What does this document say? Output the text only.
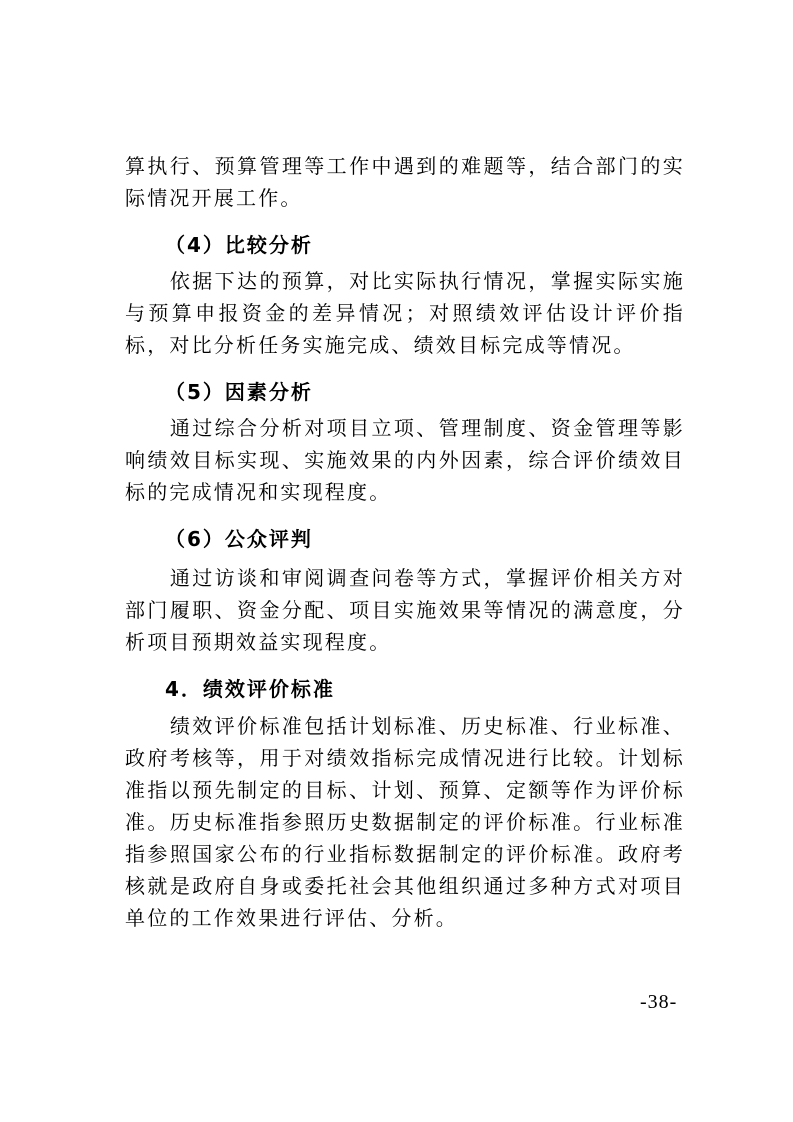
算执行、预算管理等工作中遇到的难题等，结合部门的实际情况开展工作。

（4）比较分析

　　依据下达的预算，对比实际执行情况，掌握实际实施与预算申报资金的差异情况；对照绩效评估设计评价指标，对比分析任务实施完成、绩效目标完成等情况。

（5）因素分析

　　通过综合分析对项目立项、管理制度、资金管理等影响绩效目标实现、实施效果的内外因素，综合评价绩效目标的完成情况和实现程度。

（6）公众评判

　　通过访谈和审阅调查问卷等方式，掌握评价相关方对部门履职、资金分配、项目实施效果等情况的满意度，分析项目预期效益实现程度。

4．绩效评价标准

　　绩效评价标准包括计划标准、历史标准、行业标准、政府考核等，用于对绩效指标完成情况进行比较。计划标准指以预先制定的目标、计划、预算、定额等作为评价标准。历史标准指参照历史数据制定的评价标准。行业标准指参照国家公布的行业指标数据制定的评价标准。政府考核就是政府自身或委托社会其他组织通过多种方式对项目单位的工作效果进行评估、分析。

-38-
